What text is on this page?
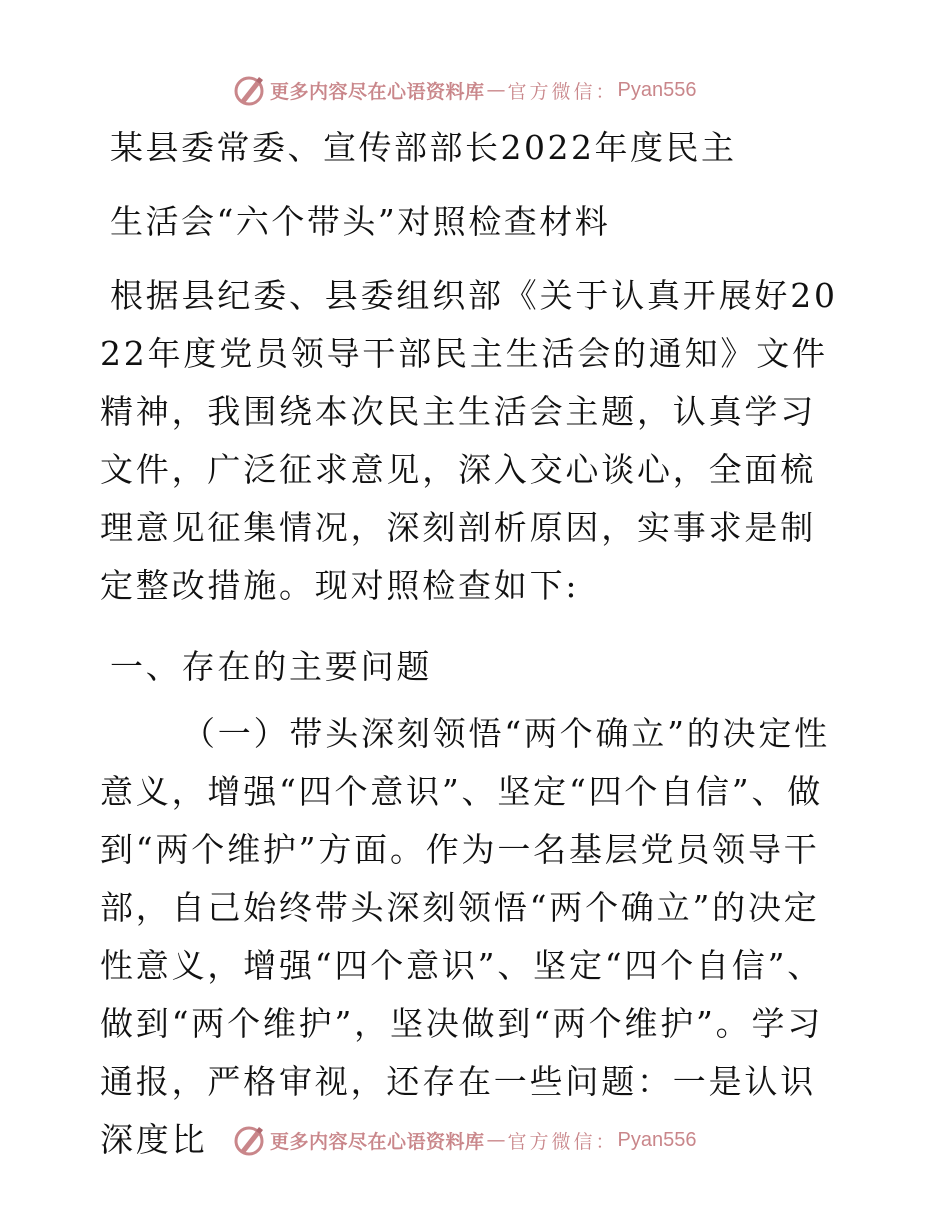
更多内容尽在心语资料库 — 官方微信： Pyan556
某县委常委、宣传部部长2022年度民主
生活会“六个带头”对照检查材料
根据县纪委、县委组织部《关于认真开展好2022年度党员领导干部民主生活会的通知》文件精神，我围绕本次民主生活会主题，认真学习文件，广泛征求意见，深入交心谈心，全面梳理意见征集情况，深刻剖析原因，实事求是制定整改措施。现对照检查如下:
一、存在的主要问题
（一）带头深刻领悟“两个确立”的决定性意义，增强“四个意识”、坚定“四个自信”、做到“两个维护”方面。作为一名基层党员领导干部，自己始终带头深刻领悟“两个确立”的决定性意义，增强“四个意识”、坚定“四个自信”、做到“两个维护”，坚决做到“两个维护”。学习通报，严格审视，还存在一些问题：一是认识深度比	更多内容尽在心语资料库 — 官方微信： Pyan556
